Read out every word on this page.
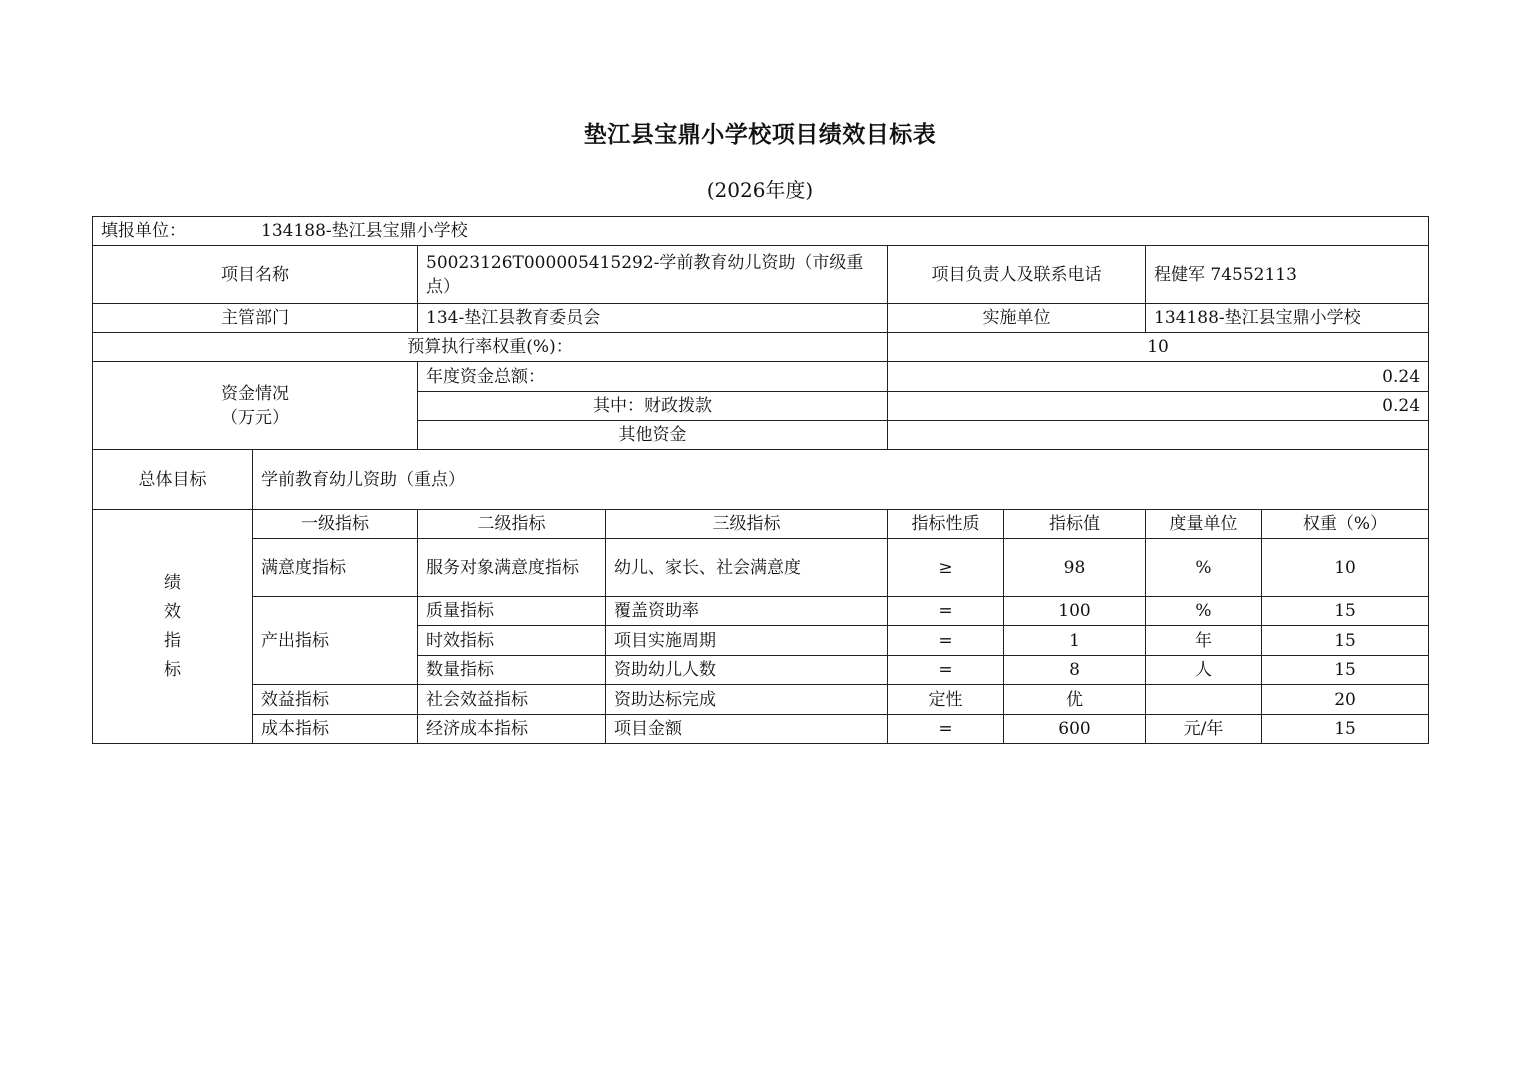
垫江县宝鼎小学校项目绩效目标表
(2026年度)
填报单位： 134188-垫江县宝鼎小学校							
项目名称		50023126T000005415292-学前教育幼儿资助（市级重点）		项目负责人及联系电话		程健军 74552113	
主管部门		134-垫江县教育委员会		实施单位		134188-垫江县宝鼎小学校	
预算执行率权重(%)：				10			

资金情况
（万元）		年度资金总额：		0.24			
		其中：财政拨款		0.24			
		其他资金					
总体目标	学前教育幼儿资助（重点）						

绩
效
指
标	一级指标	二级指标	三级指标	指标性质	指标值	度量单位	权重（%）
	满意度指标	服务对象满意度指标	幼儿、家长、社会满意度	≥	98	%	10
	产出指标	质量指标	覆盖资助率	=	100	%	15
		时效指标	项目实施周期	=	1	年	15
		数量指标	资助幼儿人数	=	8	人	15
	效益指标	社会效益指标	资助达标完成	定性	优		20
	成本指标	经济成本指标	项目金额	=	600	元/年	15
